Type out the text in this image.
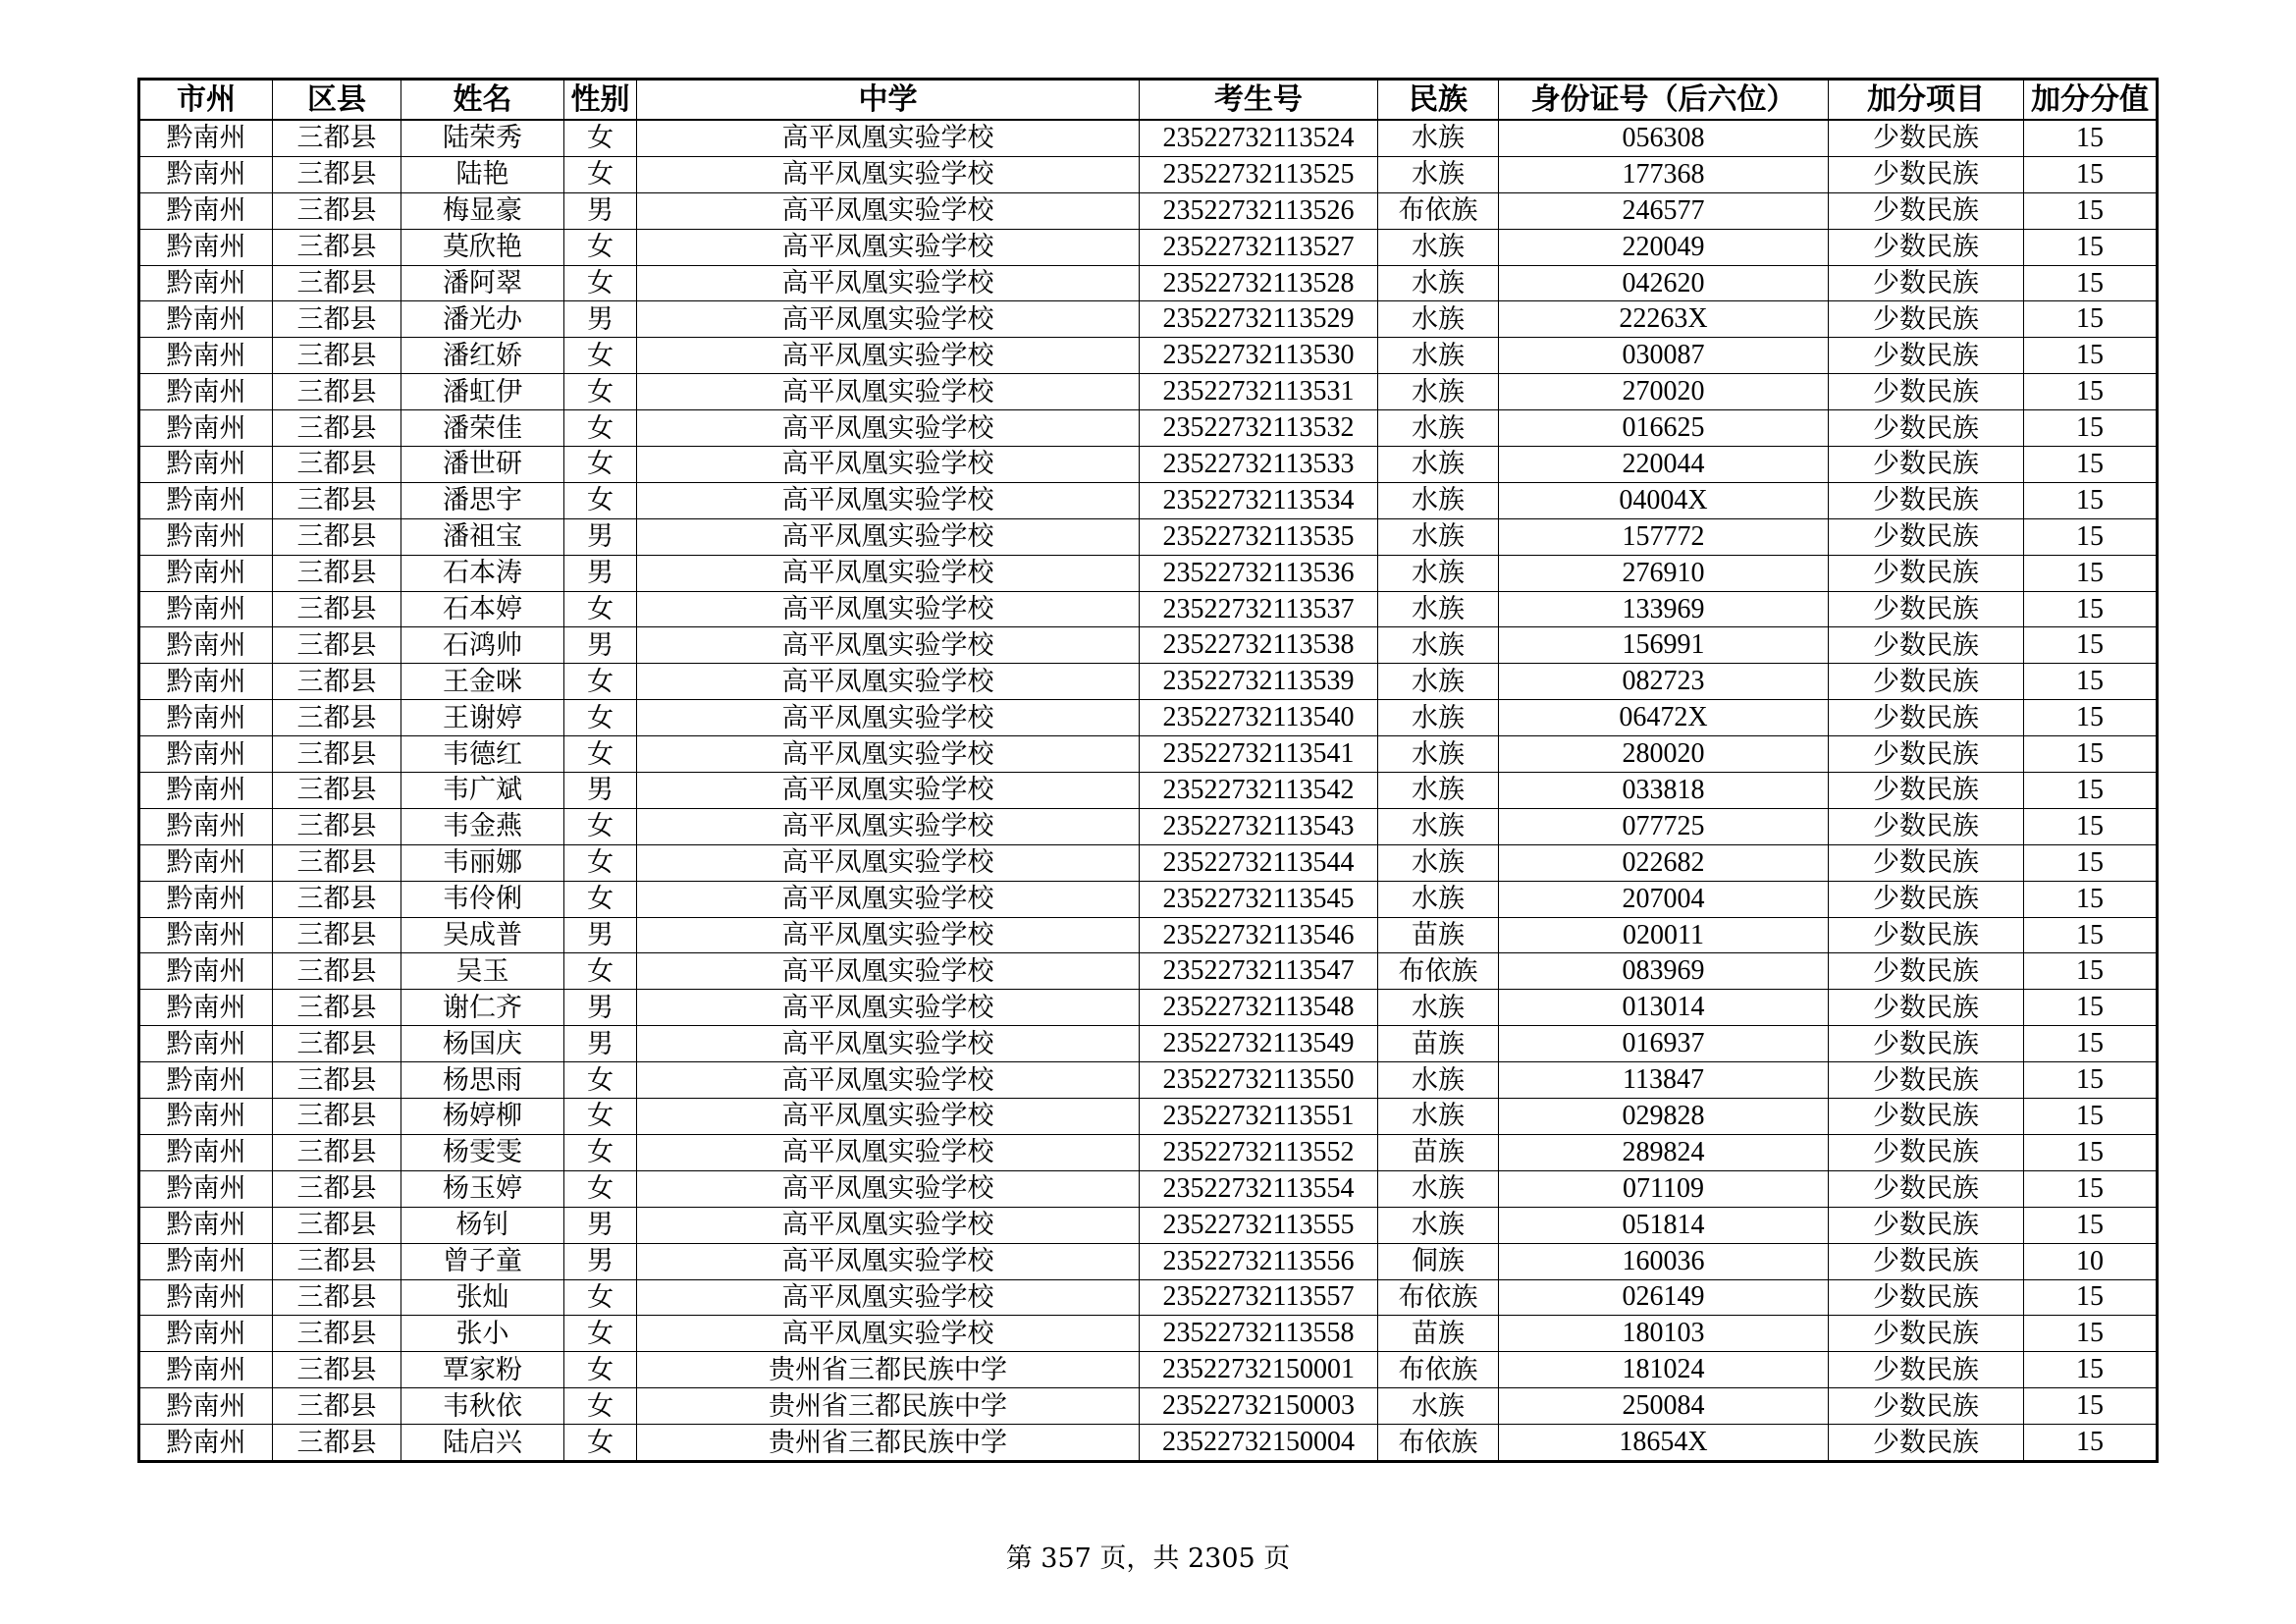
市州	区县	姓名	性别	中学	考生号	民族	身份证号（后六位）	加分项目	加分分值
黔南州	三都县	陆荣秀	女	高平凤凰实验学校	23522732113524	水族	056308	少数民族	15
黔南州	三都县	陆艳	女	高平凤凰实验学校	23522732113525	水族	177368	少数民族	15
黔南州	三都县	梅显豪	男	高平凤凰实验学校	23522732113526	布依族	246577	少数民族	15
黔南州	三都县	莫欣艳	女	高平凤凰实验学校	23522732113527	水族	220049	少数民族	15
黔南州	三都县	潘阿翠	女	高平凤凰实验学校	23522732113528	水族	042620	少数民族	15
黔南州	三都县	潘光办	男	高平凤凰实验学校	23522732113529	水族	22263X	少数民族	15
黔南州	三都县	潘红娇	女	高平凤凰实验学校	23522732113530	水族	030087	少数民族	15
黔南州	三都县	潘虹伊	女	高平凤凰实验学校	23522732113531	水族	270020	少数民族	15
黔南州	三都县	潘荣佳	女	高平凤凰实验学校	23522732113532	水族	016625	少数民族	15
黔南州	三都县	潘世研	女	高平凤凰实验学校	23522732113533	水族	220044	少数民族	15
黔南州	三都县	潘思宇	女	高平凤凰实验学校	23522732113534	水族	04004X	少数民族	15
黔南州	三都县	潘祖宝	男	高平凤凰实验学校	23522732113535	水族	157772	少数民族	15
黔南州	三都县	石本涛	男	高平凤凰实验学校	23522732113536	水族	276910	少数民族	15
黔南州	三都县	石本婷	女	高平凤凰实验学校	23522732113537	水族	133969	少数民族	15
黔南州	三都县	石鸿帅	男	高平凤凰实验学校	23522732113538	水族	156991	少数民族	15
黔南州	三都县	王金咪	女	高平凤凰实验学校	23522732113539	水族	082723	少数民族	15
黔南州	三都县	王谢婷	女	高平凤凰实验学校	23522732113540	水族	06472X	少数民族	15
黔南州	三都县	韦德红	女	高平凤凰实验学校	23522732113541	水族	280020	少数民族	15
黔南州	三都县	韦广斌	男	高平凤凰实验学校	23522732113542	水族	033818	少数民族	15
黔南州	三都县	韦金燕	女	高平凤凰实验学校	23522732113543	水族	077725	少数民族	15
黔南州	三都县	韦丽娜	女	高平凤凰实验学校	23522732113544	水族	022682	少数民族	15
黔南州	三都县	韦伶俐	女	高平凤凰实验学校	23522732113545	水族	207004	少数民族	15
黔南州	三都县	吴成普	男	高平凤凰实验学校	23522732113546	苗族	020011	少数民族	15
黔南州	三都县	吴玉	女	高平凤凰实验学校	23522732113547	布依族	083969	少数民族	15
黔南州	三都县	谢仁齐	男	高平凤凰实验学校	23522732113548	水族	013014	少数民族	15
黔南州	三都县	杨国庆	男	高平凤凰实验学校	23522732113549	苗族	016937	少数民族	15
黔南州	三都县	杨思雨	女	高平凤凰实验学校	23522732113550	水族	113847	少数民族	15
黔南州	三都县	杨婷柳	女	高平凤凰实验学校	23522732113551	水族	029828	少数民族	15
黔南州	三都县	杨雯雯	女	高平凤凰实验学校	23522732113552	苗族	289824	少数民族	15
黔南州	三都县	杨玉婷	女	高平凤凰实验学校	23522732113554	水族	071109	少数民族	15
黔南州	三都县	杨钊	男	高平凤凰实验学校	23522732113555	水族	051814	少数民族	15
黔南州	三都县	曾子童	男	高平凤凰实验学校	23522732113556	侗族	160036	少数民族	10
黔南州	三都县	张灿	女	高平凤凰实验学校	23522732113557	布依族	026149	少数民族	15
黔南州	三都县	张小	女	高平凤凰实验学校	23522732113558	苗族	180103	少数民族	15
黔南州	三都县	覃家粉	女	贵州省三都民族中学	23522732150001	布依族	181024	少数民族	15
黔南州	三都县	韦秋依	女	贵州省三都民族中学	23522732150003	水族	250084	少数民族	15
黔南州	三都县	陆启兴	女	贵州省三都民族中学	23522732150004	布依族	18654X	少数民族	15
第 357 页，共 2305 页
